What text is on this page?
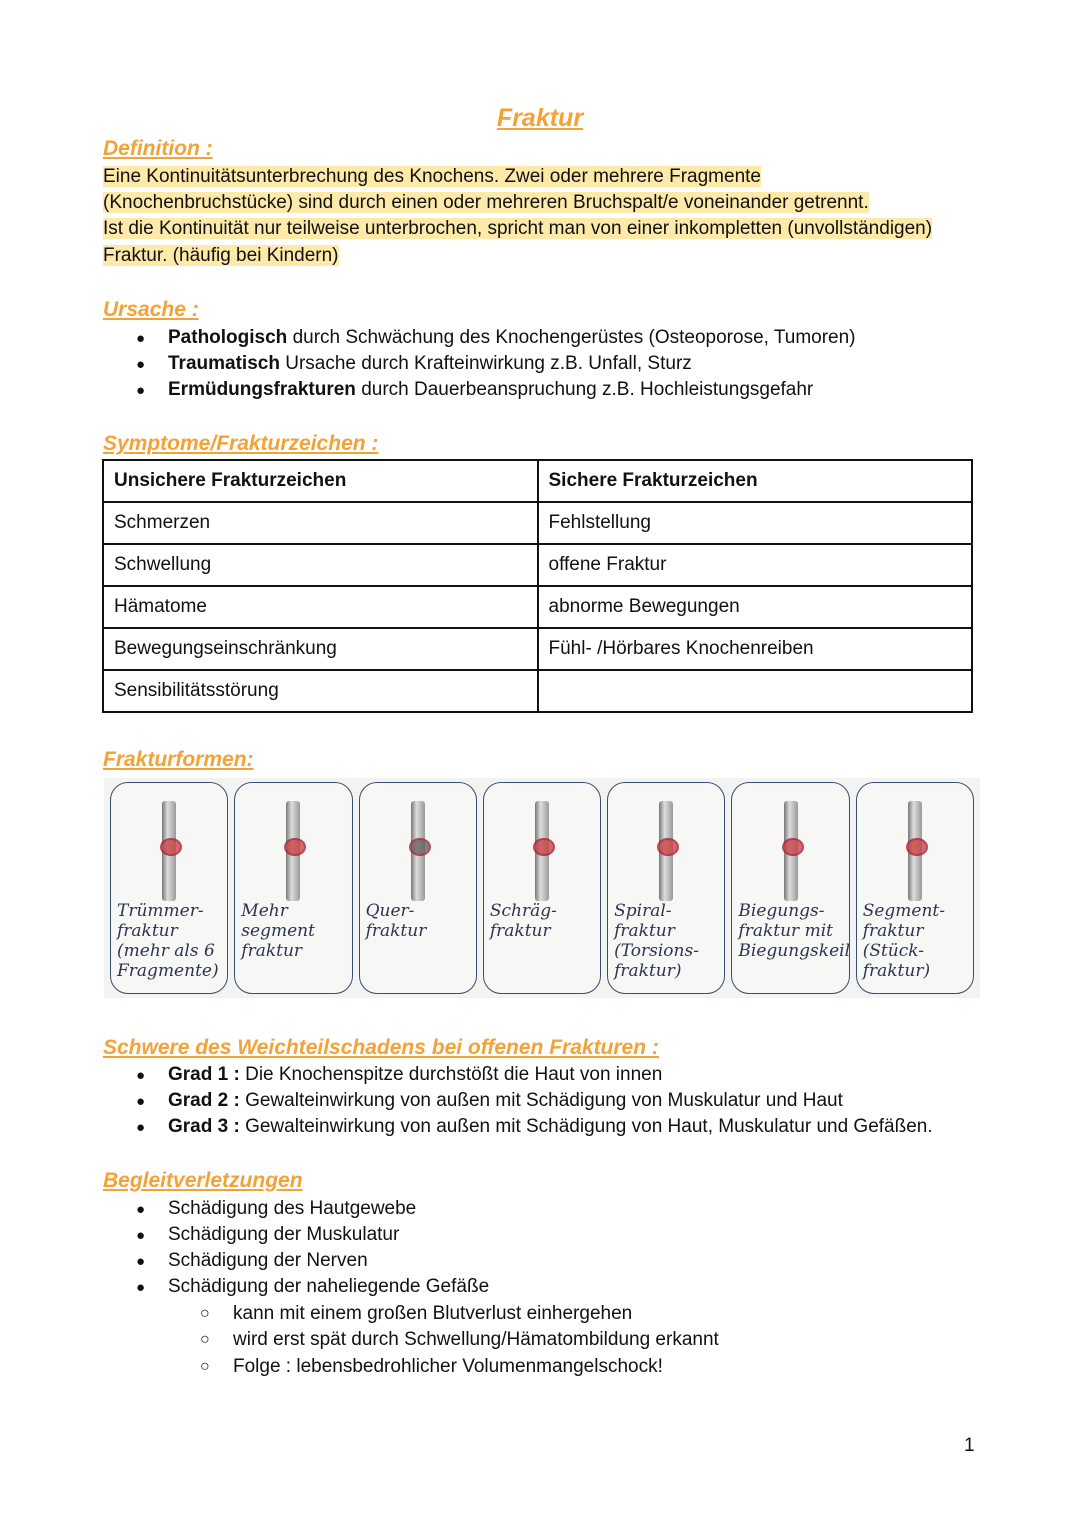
Fraktur
Definition :
Eine Kontinuitätsunterbrechung des Knochens. Zwei oder mehrere Fragmente
(Knochenbruchstücke) sind durch einen oder mehreren Bruchspalt/e voneinander getrennt.
Ist die Kontinuität nur teilweise unterbrochen, spricht man von einer inkompletten (unvollständigen)
Fraktur. (häufig bei Kindern)
Ursache :
● Pathologisch durch Schwächung des Knochengerüstes (Osteoporose, Tumoren)
● Traumatisch Ursache durch Krafteinwirkung z.B. Unfall, Sturz
● Ermüdungsfrakturen durch Dauerbeanspruchung z.B. Hochleistungsgefahr
Symptome/Frakturzeichen :
Unsichere Frakturzeichen	Sichere Frakturzeichen
Schmerzen	Fehlstellung
Schwellung	offene Fraktur
Hämatome	abnorme Bewegungen
Bewegungseinschränkung	Fühl- /Hörbares Knochenreiben
Sensibilitätsstörung	
Frakturformen:
Trümmer-fraktur (mehr als 6 Fragmente)
Mehr segment fraktur
Quer-fraktur
Schräg-fraktur
Spiral-fraktur (Torsions-fraktur)
Biegungs-fraktur mit Biegungskeil
Segment-fraktur (Stück-fraktur)
Schwere des Weichteilschadens bei offenen Frakturen :
● Grad 1 : Die Knochenspitze durchstößt die Haut von innen
● Grad 2 : Gewalteinwirkung von außen mit Schädigung von Muskulatur und Haut
● Grad 3 : Gewalteinwirkung von außen mit Schädigung von Haut, Muskulatur und Gefäßen.
Begleitverletzungen
● Schädigung des Hautgewebe
● Schädigung der Muskulatur
● Schädigung der Nerven
● Schädigung der naheliegende Gefäße
○ kann mit einem großen Blutverlust einhergehen
○ wird erst spät durch Schwellung/Hämatombildung erkannt
○ Folge : lebensbedrohlicher Volumenmangelschock!
1
